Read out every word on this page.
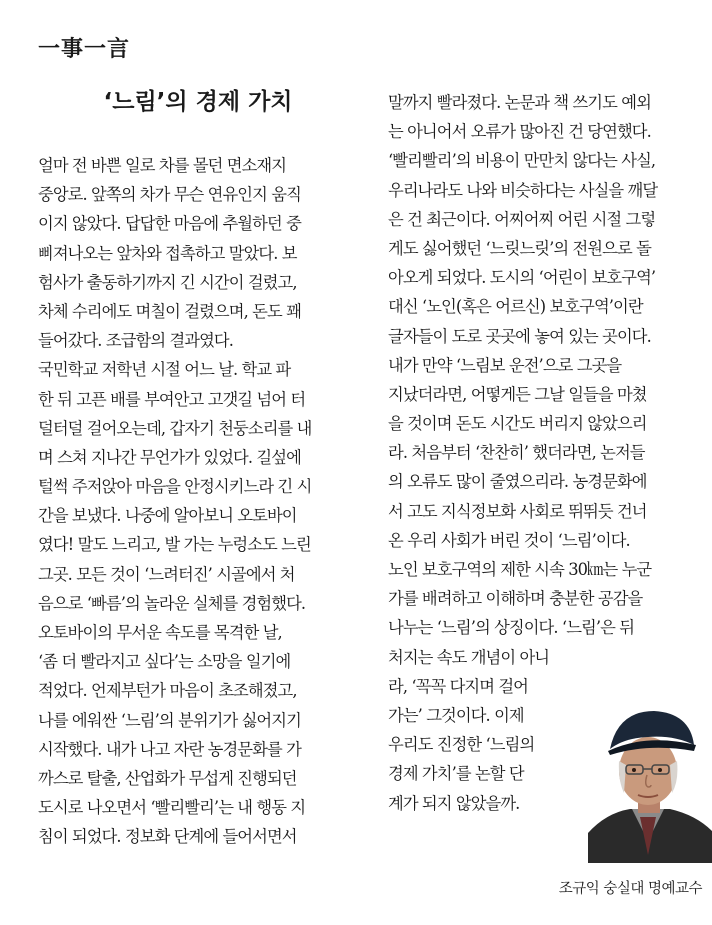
一事一言
‘느림’의 경제 가치
얼마 전 바쁜 일로 차를 몰던 면소재지
중앙로. 앞쪽의 차가 무슨 연유인지 움직
이지 않았다. 답답한 마음에 추월하던 중
삐져나오는 앞차와 접촉하고 말았다. 보
험사가 출동하기까지 긴 시간이 걸렸고,
차체 수리에도 며칠이 걸렸으며, 돈도 꽤
들어갔다. 조급함의 결과였다.
국민학교 저학년 시절 어느 날. 학교 파
한 뒤 고픈 배를 부여안고 고갯길 넘어 터
덜터덜 걸어오는데, 갑자기 천둥소리를 내
며 스쳐 지나간 무언가가 있었다. 길섶에
털썩 주저앉아 마음을 안정시키느라 긴 시
간을 보냈다. 나중에 알아보니 오토바이
였다! 말도 느리고, 발 가는 누렁소도 느린
그곳. 모든 것이 ‘느려터진’ 시골에서 처
음으로 ‘빠름’의 놀라운 실체를 경험했다.
오토바이의 무서운 속도를 목격한 날,
‘좀 더 빨라지고 싶다’는 소망을 일기에
적었다. 언제부턴가 마음이 초조해졌고,
나를 에워싼 ‘느림’의 분위기가 싫어지기
시작했다. 내가 나고 자란 농경문화를 가
까스로 탈출, 산업화가 무섭게 진행되던
도시로 나오면서 ‘빨리빨리’는 내 행동 지
침이 되었다. 정보화 단계에 들어서면서
말까지 빨라졌다. 논문과 책 쓰기도 예외
는 아니어서 오류가 많아진 건 당연했다.
‘빨리빨리’의 비용이 만만치 않다는 사실,
우리나라도 나와 비슷하다는 사실을 깨달
은 건 최근이다. 어찌어찌 어린 시절 그렇
게도 싫어했던 ‘느릿느릿’의 전원으로 돌
아오게 되었다. 도시의 ‘어린이 보호구역’
대신 ‘노인(혹은 어르신) 보호구역’이란
글자들이 도로 곳곳에 놓여 있는 곳이다.
내가 만약 ‘느림보 운전’으로 그곳을
지났더라면, 어떻게든 그날 일들을 마쳤
을 것이며 돈도 시간도 버리지 않았으리
라. 처음부터 ‘찬찬히’ 했더라면, 논저들
의 오류도 많이 줄였으리라. 농경문화에
서 고도 지식정보화 사회로 뛰뛰듯 건너
온 우리 사회가 버린 것이 ‘느림’이다.
노인 보호구역의 제한 시속 30㎞는 누군
가를 배려하고 이해하며 충분한 공감을
나누는 ‘느림’의 상징이다. ‘느림’은 뒤
처지는 속도 개념이 아니
라, ‘꼭꼭 다지며 걸어
가는’ 그것이다. 이제
우리도 진정한 ‘느림의
경제 가치’를 논할 단
계가 되지 않았을까.
조규익 숭실대 명예교수
